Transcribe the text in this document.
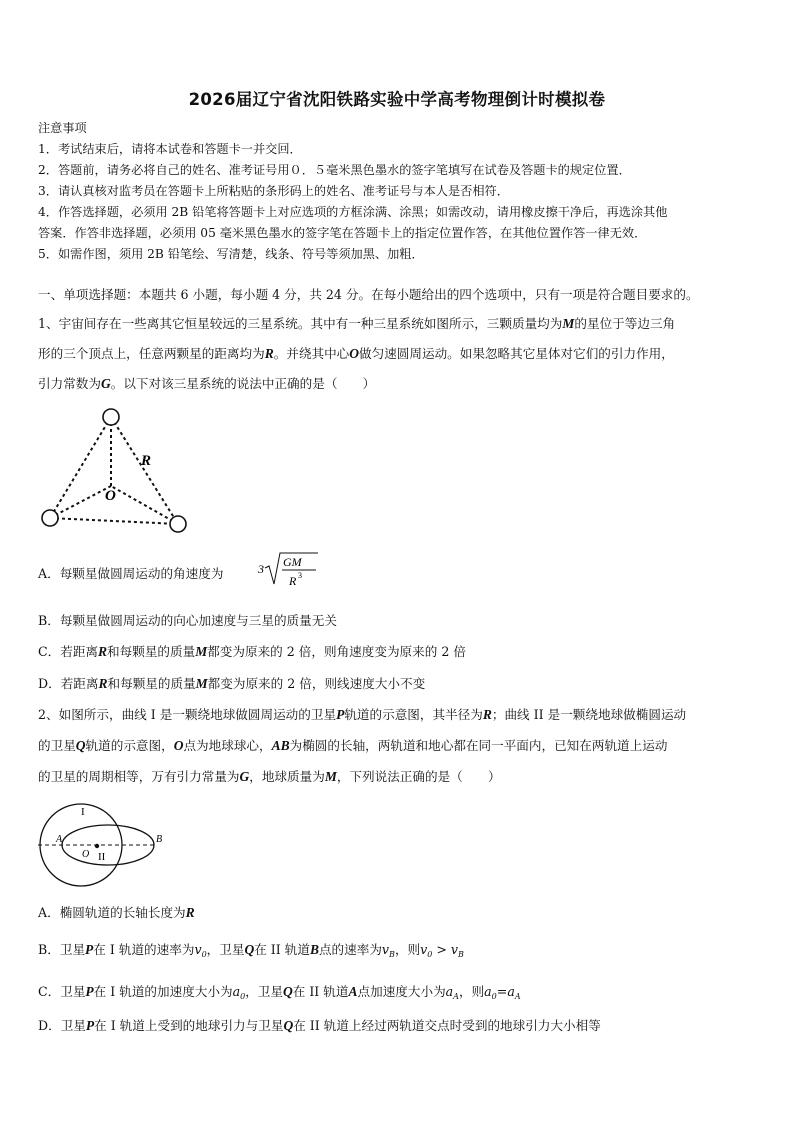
2026届辽宁省沈阳铁路实验中学高考物理倒计时模拟卷
注意事项
1．考试结束后，请将本试卷和答题卡一并交回．
2．答题前，请务必将自己的姓名、准考证号用０．５毫米黑色墨水的签字笔填写在试卷及答题卡的规定位置．
3．请认真核对监考员在答题卡上所粘贴的条形码上的姓名、准考证号与本人是否相符．
4．作答选择题，必须用 2B 铅笔将答题卡上对应选项的方框涂满、涂黑；如需改动，请用橡皮擦干净后，再选涂其他
答案．作答非选择题，必须用 05 毫米黑色墨水的签字笔在答题卡上的指定位置作答，在其他位置作答一律无效．
5．如需作图，须用 2B 铅笔绘、写清楚，线条、符号等须加黑、加粗．
一、单项选择题：本题共 6 小题，每小题 4 分，共 24 分。在每小题给出的四个选项中，只有一项是符合题目要求的。
1、宇宙间存在一些离其它恒星较远的三星系统。其中有一种三星系统如图所示，三颗质量均为M的星位于等边三角
形的三个顶点上，任意两颗星的距离均为R。并绕其中心O做匀速圆周运动。如果忽略其它星体对它们的引力作用，
引力常数为G。以下对该三星系统的说法中正确的是（　　）
R
O
A．每颗星做圆周运动的角速度为	3 GM
R 3
B．每颗星做圆周运动的向心加速度与三星的质量无关
C．若距离R和每颗星的质量M都变为原来的 2 倍，则角速度变为原来的 2 倍
D．若距离R和每颗星的质量M都变为原来的 2 倍，则线速度大小不变
2、如图所示，曲线 I 是一颗绕地球做圆周运动的卫星P轨道的示意图，其半径为R；曲线 II 是一颗绕地球做椭圆运动
的卫星Q轨道的示意图，O点为地球球心，AB为椭圆的长轴，两轨道和地心都在同一平面内，已知在两轨道上运动
的卫星的周期相等，万有引力常量为G，地球质量为M，下列说法正确的是（　　）
I
II
A	B
O
A．椭圆轨道的长轴长度为R
B．卫星P在 I 轨道的速率为$v_0$，卫星Q在 II 轨道B点的速率为$v_B$，则$v_0 > v_B$
C．卫星P在 I 轨道的加速度大小为$a_0$，卫星Q在 II 轨道A点加速度大小为$a_A$，则$a_0=a_A$
D．卫星P在 I 轨道上受到的地球引力与卫星Q在 II 轨道上经过两轨道交点时受到的地球引力大小相等
